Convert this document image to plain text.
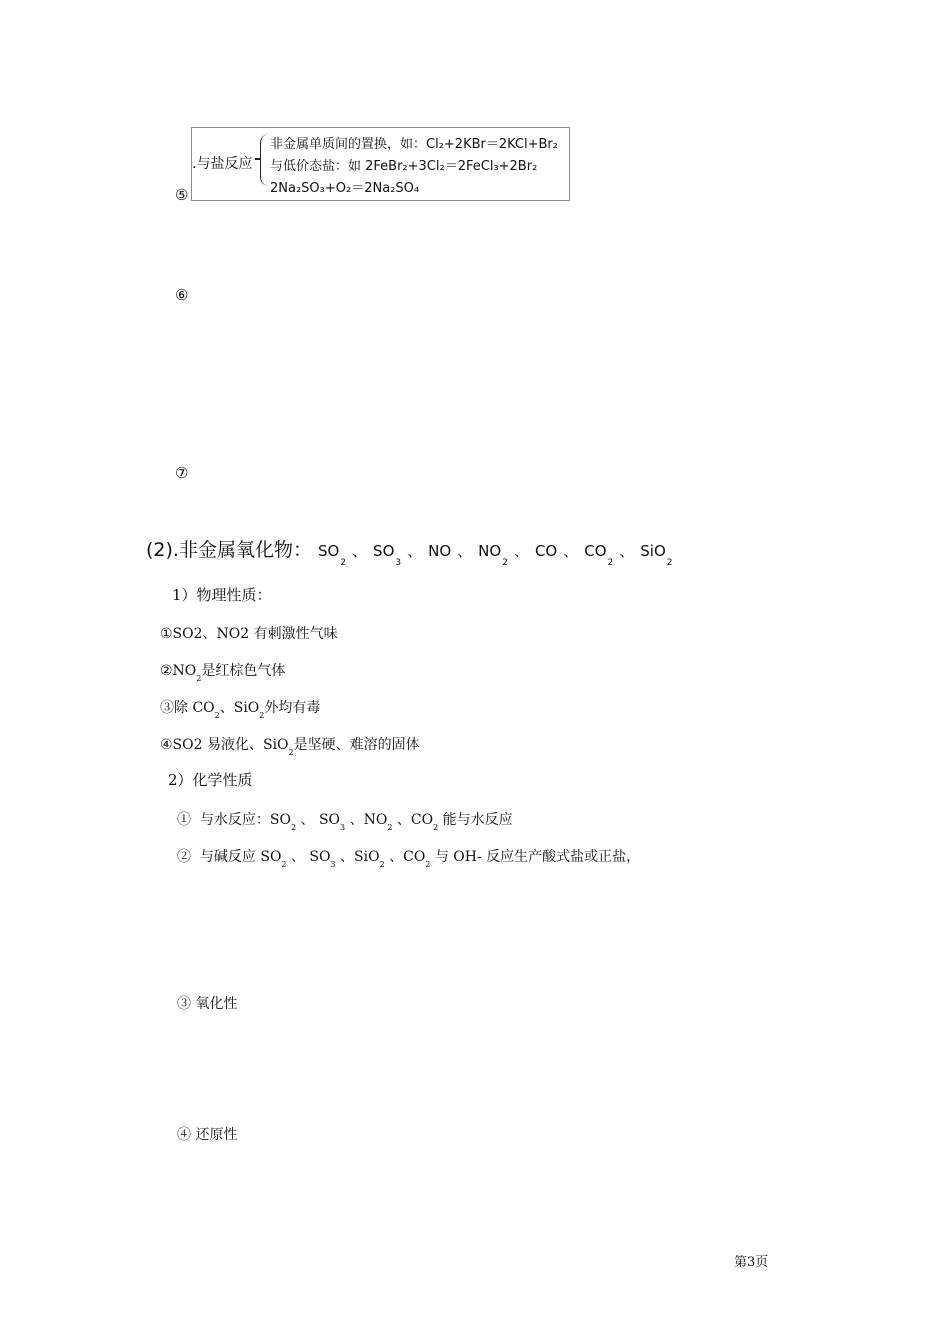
.与盐反应
非金属单质间的置换，如：Cl₂+2KBr＝2KCl+Br₂
与低价态盐：如 2FeBr₂+3Cl₂＝2FeCl₃+2Br₂
2Na₂SO₃+O₂＝2Na₂SO₄
⑤
⑥
⑦
(2).非金属氧化物： $SO_2$、 $SO_3$、 NO 、 $NO_2$、 CO 、 $CO_2$、 SiO$_2$
1）物理性质：
①SO2、NO2 有刺激性气味
$②NO_2$是红棕色气体
③除 $CO_2$、SiO$_2$外均有毒
④SO2 易液化、SiO$_2$是坚硬、难溶的固体
2）化学性质
①  与水反应：$SO_2$ 、 $SO_3$ 、$NO_2$ 、$CO_2$ 能与水反应
②  与碱反应 $SO_2$ 、 $SO_3$ 、SiO$_2$ 、$CO_2$ 与 OH- 反应生产酸式盐或正盐，
③ 氧化性
④ 还原性
第3页
